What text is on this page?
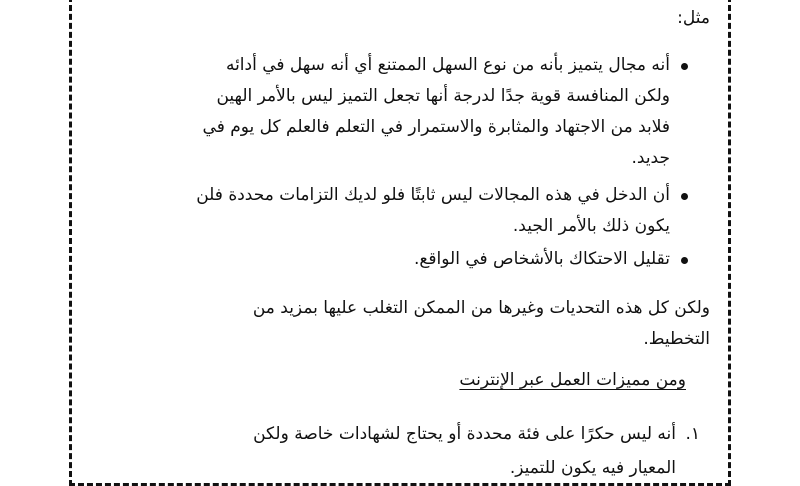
مثل:

أنه مجال يتميز بأنه من نوع السهل الممتنع أي أنه سهل في أدائه
ولكن المنافسة قوية جدًا لدرجة أنها تجعل التميز ليس بالأمر الهين
فلابد من الاجتهاد والمثابرة والاستمرار في التعلم فالعلم كل يوم في
جديد.
أن الدخل في هذه المجالات ليس ثابتًا فلو لديك التزامات محددة فلن
يكون ذلك بالأمر الجيد.
تقليل الاحتكاك بالأشخاص في الواقع.
ولكن كل هذه التحديات وغيرها من الممكن التغلب عليها بمزيد من
التخطيط.

ومن مميزات العمل عبر الإنترنت

١.
أنه ليس حكرًا على فئة محددة أو يحتاج لشهادات خاصة ولكن
المعيار فيه يكون للتميز.
